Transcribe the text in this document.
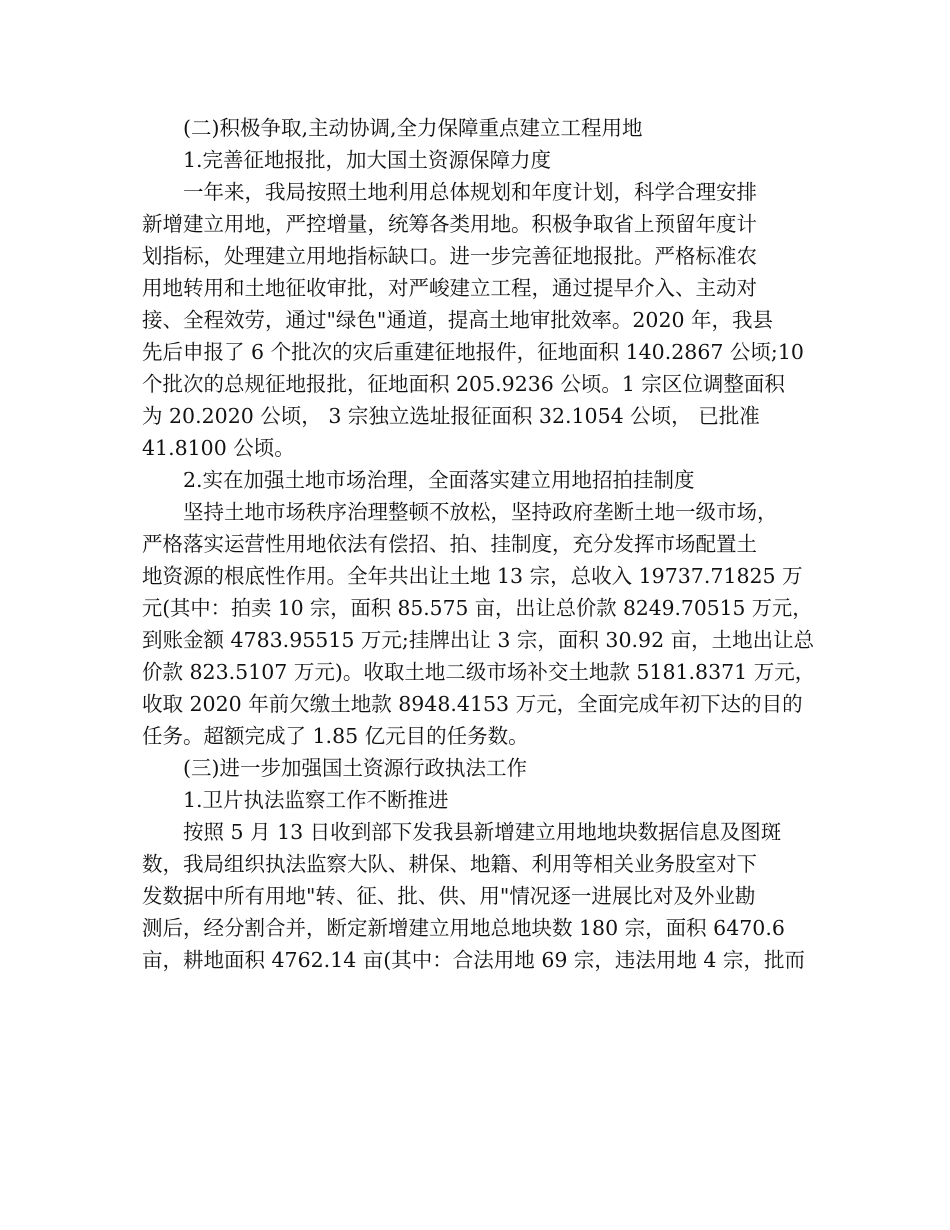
(二)积极争取,主动协调,全力保障重点建立工程用地

1.完善征地报批，加大国土资源保障力度

一年来，我局按照土地利用总体规划和年度计划，科学合理安排

新增建立用地，严控增量，统筹各类用地。积极争取省上预留年度计

划指标，处理建立用地指标缺口。进一步完善征地报批。严格标准农

用地转用和土地征收审批，对严峻建立工程，通过提早介入、主动对

接、全程效劳，通过"绿色"通道，提高土地审批效率。2020 年，我县

先后申报了 6 个批次的灾后重建征地报件，征地面积 140.2867 公顷;10

个批次的总规征地报批，征地面积 205.9236 公顷。1 宗区位调整面积

为 20.2020 公顷， 3 宗独立选址报征面积 32.1054 公顷， 已批准

41.8100 公顷。

2.实在加强土地市场治理，全面落实建立用地招拍挂制度

坚持土地市场秩序治理整顿不放松，坚持政府垄断土地一级市场，

严格落实运营性用地依法有偿招、拍、挂制度，充分发挥市场配置土

地资源的根底性作用。全年共出让土地 13 宗，总收入 19737.71825 万

元(其中：拍卖 10 宗，面积 85.575 亩，出让总价款 8249.70515 万元，

到账金额 4783.95515 万元;挂牌出让 3 宗，面积 30.92 亩，土地出让总

价款 823.5107 万元)。收取土地二级市场补交土地款 5181.8371 万元，

收取 2020 年前欠缴土地款 8948.4153 万元，全面完成年初下达的目的

任务。超额完成了 1.85 亿元目的任务数。

(三)进一步加强国土资源行政执法工作

1.卫片执法监察工作不断推进

按照 5 月 13 日收到部下发我县新增建立用地地块数据信息及图斑

数，我局组织执法监察大队、耕保、地籍、利用等相关业务股室对下

发数据中所有用地"转、征、批、供、用"情况逐一进展比对及外业勘

测后，经分割合并，断定新增建立用地总地块数 180 宗，面积 6470.6

亩，耕地面积 4762.14 亩(其中：合法用地 69 宗，违法用地 4 宗，批而
